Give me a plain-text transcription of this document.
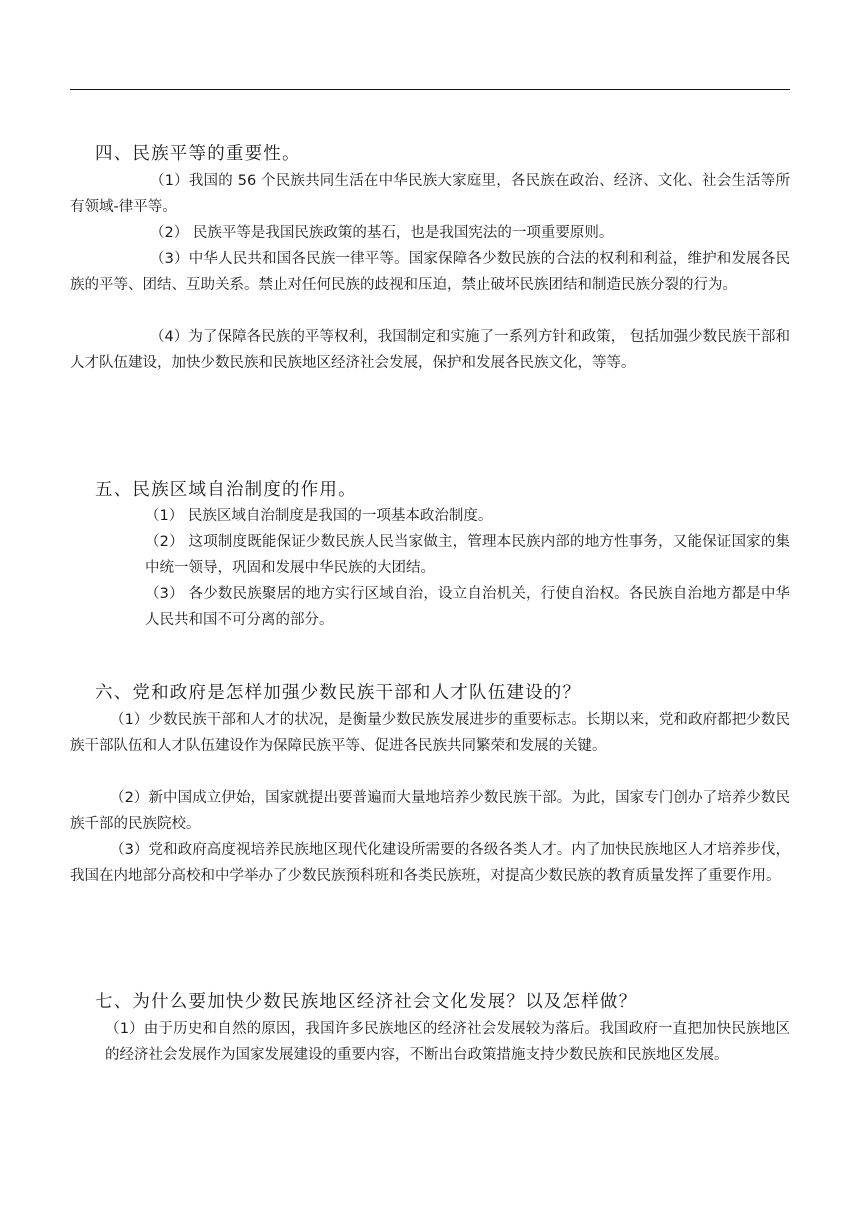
四、民族平等的重要性。
（1）我国的 56 个民族共同生活在中华民族大家庭里，各民族在政治、经济、文化、社会生活等所有领域-律平等。
（2） 民族平等是我国民族政策的基石，也是我国宪法的一项重要原则。
（3）中华人民共和国各民族一律平等。国家保障各少数民族的合法的权利和利益，维护和发展各民族的平等、团结、互助关系。禁止对任何民族的歧视和压迫，禁止破坏民族团结和制造民族分裂的行为。
（4）为了保障各民族的平等权利，我国制定和实施了一系列方针和政策， 包括加强少数民族干部和人才队伍建设，加快少数民族和民族地区经济社会发展，保护和发展各民族文化，等等。
五、民族区域自治制度的作用。
（1） 民族区域自治制度是我国的一项基本政治制度。
（2） 这项制度既能保证少数民族人民当家做主，管理本民族内部的地方性事务，又能保证国家的集中统一领导，巩固和发展中华民族的大团结。
（3） 各少数民族聚居的地方实行区域自治，设立自治机关，行使自治权。各民族自治地方都是中华人民共和国不可分离的部分。
六、党和政府是怎样加强少数民族干部和人才队伍建设的？
（1）少数民族干部和人才的状况，是衡量少数民族发展进步的重要标志。长期以来，党和政府都把少数民族干部队伍和人才队伍建设作为保障民族平等、促进各民族共同繁荣和发展的关键。
（2）新中国成立伊始，国家就提出要普遍而大量地培养少数民族干部。为此，国家专门创办了培养少数民族千部的民族院校。
（3）党和政府高度视培养民族地区现代化建设所需要的各级各类人才。内了加快民族地区人才培养步伐，我国在内地部分高校和中学举办了少数民族预科班和各类民族班，对提高少数民族的教育质量发挥了重要作用。
七、为什么要加快少数民族地区经济社会文化发展？以及怎样做？
（1）由于历史和自然的原因，我国许多民族地区的经济社会发展较为落后。我国政府一直把加快民族地区的经济社会发展作为国家发展建设的重要内容，不断出台政策措施支持少数民族和民族地区发展。
